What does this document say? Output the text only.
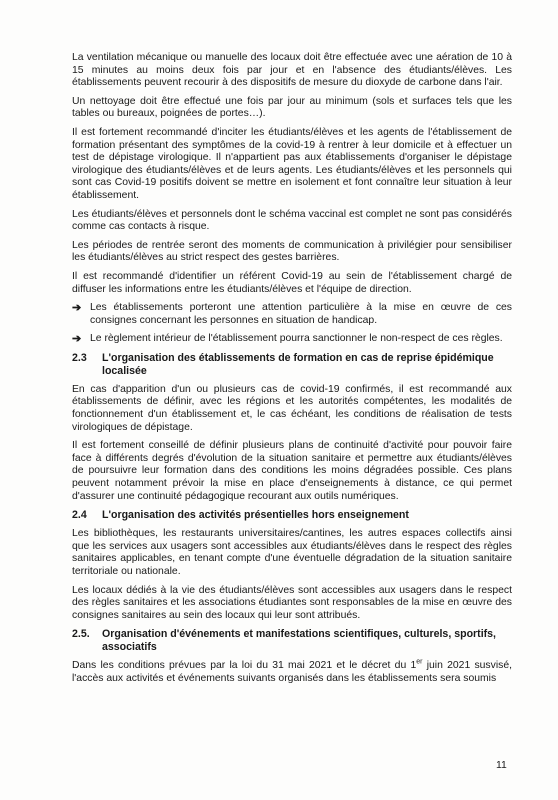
La ventilation mécanique ou manuelle des locaux doit être effectuée avec une aération de 10 à 15 minutes au moins deux fois par jour et en l'absence des étudiants/élèves. Les établissements peuvent recourir à des dispositifs de mesure du dioxyde de carbone dans l'air.

Un nettoyage doit être effectué une fois par jour au minimum (sols et surfaces tels que les tables ou bureaux, poignées de portes…).

Il est fortement recommandé d'inciter les étudiants/élèves et les agents de l'établissement de formation présentant des symptômes de la covid-19 à rentrer à leur domicile et à effectuer un test de dépistage virologique. Il n'appartient pas aux établissements d'organiser le dépistage virologique des étudiants/élèves et de leurs agents. Les étudiants/élèves et les personnels qui sont cas Covid-19 positifs doivent se mettre en isolement et font connaître leur situation à leur établissement.

Les étudiants/élèves et personnels dont le schéma vaccinal est complet ne sont pas considérés comme cas contacts à risque.

Les périodes de rentrée seront des moments de communication à privilégier pour sensibiliser les étudiants/élèves au strict respect des gestes barrières.

Il est recommandé d'identifier un référent Covid-19 au sein de l'établissement chargé de diffuser les informations entre les étudiants/élèves et l'équipe de direction.

➔ Les établissements porteront une attention particulière à la mise en œuvre de ces consignes concernant les personnes en situation de handicap.
➔ Le règlement intérieur de l'établissement pourra sanctionner le non-respect de ces règles.
2.3	L'organisation des établissements de formation en cas de reprise épidémique localisée

En cas d'apparition d'un ou plusieurs cas de covid-19 confirmés, il est recommandé aux établissements de définir, avec les régions et les autorités compétentes, les modalités de fonctionnement d'un établissement et, le cas échéant, les conditions de réalisation de tests virologiques de dépistage.

Il est fortement conseillé de définir plusieurs plans de continuité d'activité pour pouvoir faire face à différents degrés d'évolution de la situation sanitaire et permettre aux étudiants/élèves de poursuivre leur formation dans des conditions les moins dégradées possible. Ces plans peuvent notamment prévoir la mise en place d'enseignements à distance, ce qui permet d'assurer une continuité pédagogique recourant aux outils numériques.

2.4	L'organisation des activités présentielles hors enseignement

Les bibliothèques, les restaurants universitaires/cantines, les autres espaces collectifs ainsi que les services aux usagers sont accessibles aux étudiants/élèves dans le respect des règles sanitaires applicables, en tenant compte d'une éventuelle dégradation de la situation sanitaire territoriale ou nationale.

Les locaux dédiés à la vie des étudiants/élèves sont accessibles aux usagers dans le respect des règles sanitaires et les associations étudiantes sont responsables de la mise en œuvre des consignes sanitaires au sein des locaux qui leur sont attribués.

2.5.	Organisation d'événements et manifestations scientifiques, culturels, sportifs, associatifs

Dans les conditions prévues par la loi du 31 mai 2021 et le décret du 1er juin 2021 susvisé, l'accès aux activités et événements suivants organisés dans les établissements sera soumis

11
